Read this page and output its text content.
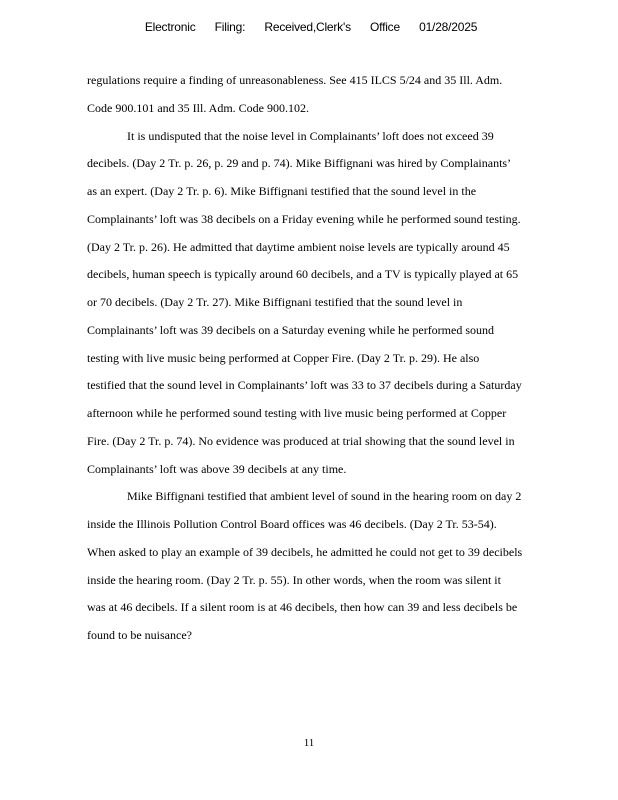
Electronic Filing: Received,Clerk's Office 01/28/2025
regulations require a finding of unreasonableness. See 415 ILCS 5/24 and 35 Ill. Adm.
Code 900.101 and 35 Ill. Adm. Code 900.102.
It is undisputed that the noise level in Complainants’ loft does not exceed 39
decibels. (Day 2 Tr. p. 26, p. 29 and p. 74). Mike Biffignani was hired by Complainants’
as an expert. (Day 2 Tr. p. 6). Mike Biffignani testified that the sound level in the
Complainants’ loft was 38 decibels on a Friday evening while he performed sound testing.
(Day 2 Tr. p. 26). He admitted that daytime ambient noise levels are typically around 45
decibels, human speech is typically around 60 decibels, and a TV is typically played at 65
or 70 decibels. (Day 2 Tr. 27). Mike Biffignani testified that the sound level in
Complainants’ loft was 39 decibels on a Saturday evening while he performed sound
testing with live music being performed at Copper Fire. (Day 2 Tr. p. 29). He also
testified that the sound level in Complainants’ loft was 33 to 37 decibels during a Saturday
afternoon while he performed sound testing with live music being performed at Copper
Fire. (Day 2 Tr. p. 74). No evidence was produced at trial showing that the sound level in
Complainants’ loft was above 39 decibels at any time.
Mike Biffignani testified that ambient level of sound in the hearing room on day 2
inside the Illinois Pollution Control Board offices was 46 decibels. (Day 2 Tr. 53-54).
When asked to play an example of 39 decibels, he admitted he could not get to 39 decibels
inside the hearing room. (Day 2 Tr. p. 55). In other words, when the room was silent it
was at 46 decibels. If a silent room is at 46 decibels, then how can 39 and less decibels be
found to be nuisance?
11
